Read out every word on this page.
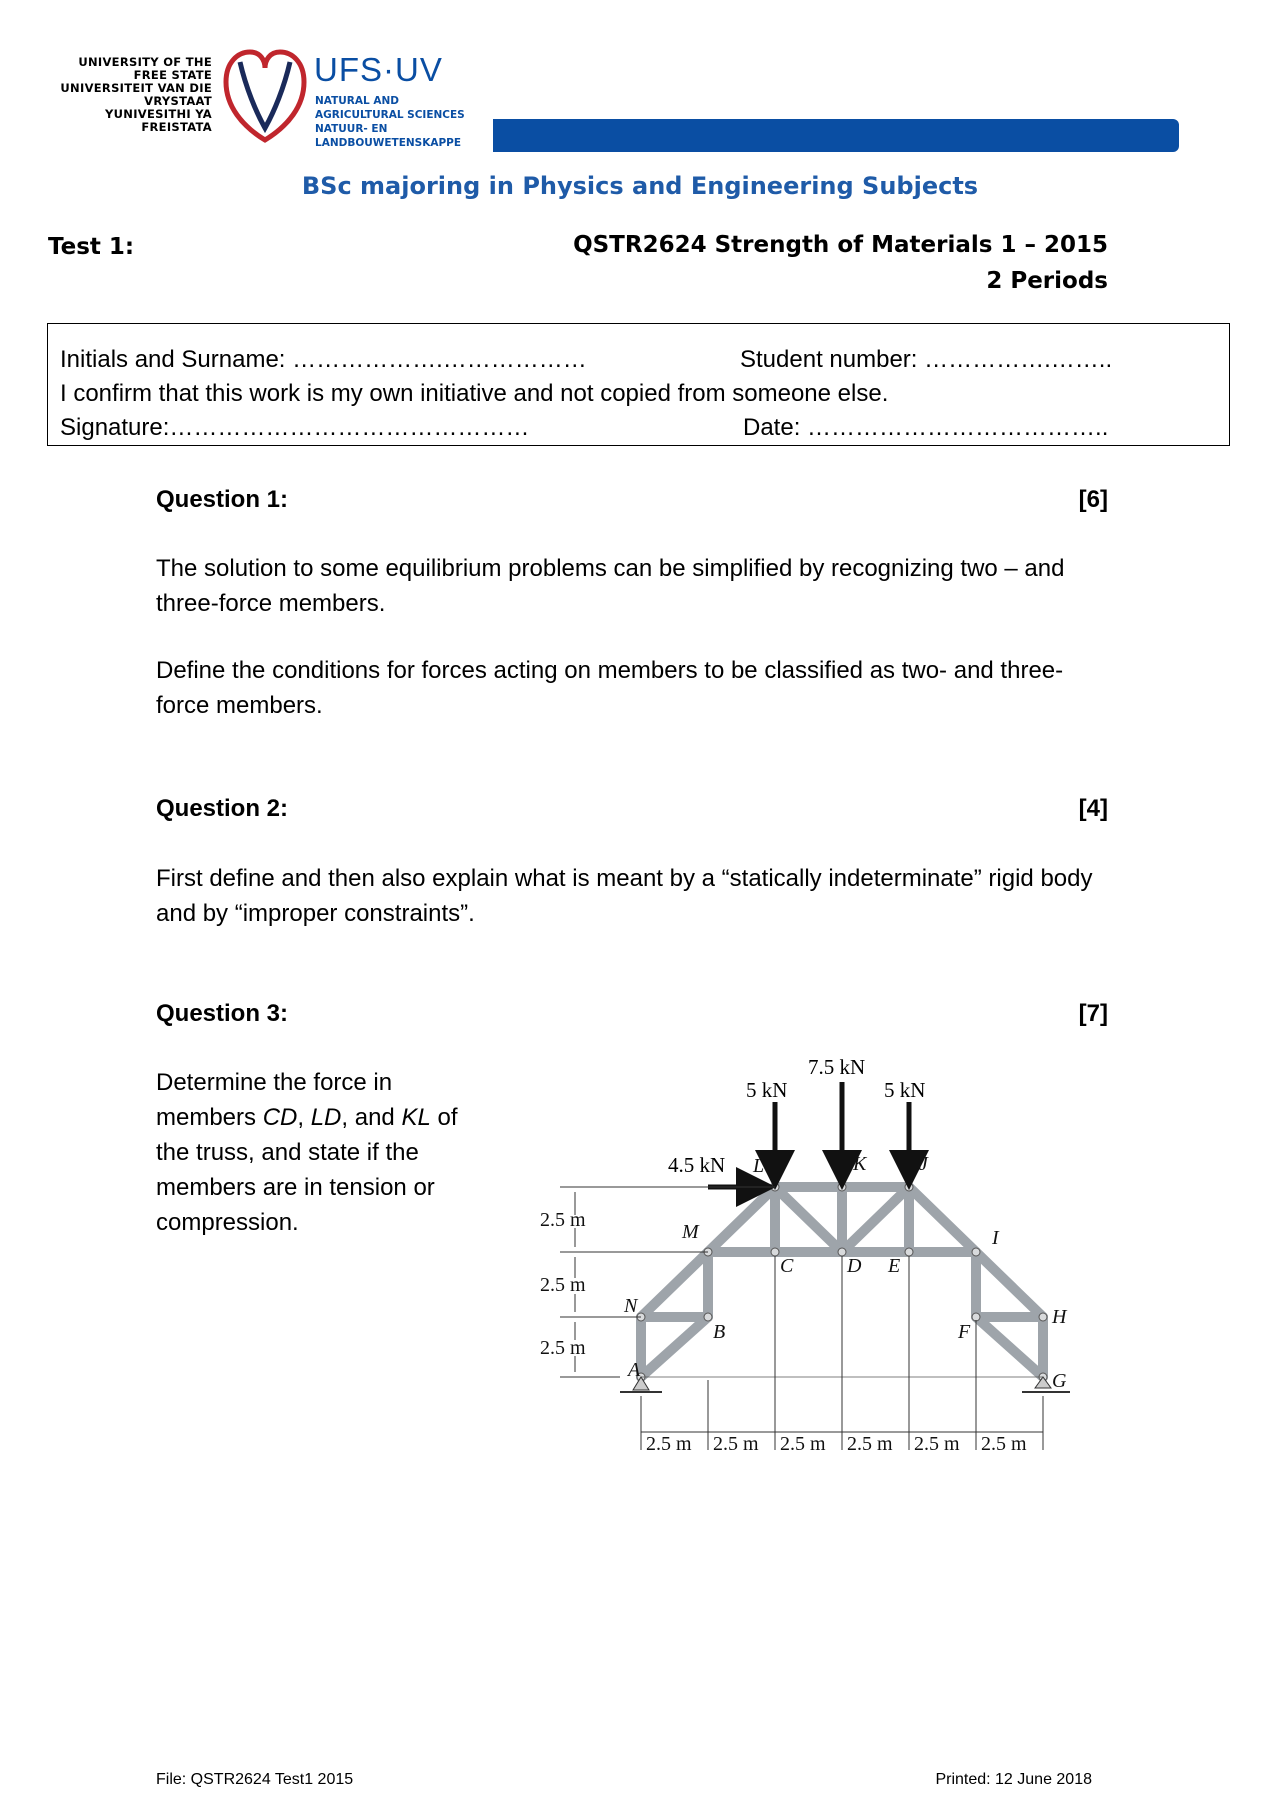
UNIVERSITY OF THE
FREE STATE
UNIVERSITEIT VAN DIE
VRYSTAAT
YUNIVESITHI YA
FREISTATA
UFS·UV
NATURAL AND
AGRICULTURAL SCIENCES
NATUUR- EN
LANDBOUWETENSKAPPE
BSc majoring in Physics and Engineering Subjects
Test 1:	QSTR2624 Strength of Materials 1 – 2015
2 Periods
Initials and Surname: ……………….………………	Student number: …………….……..
I confirm that this work is my own initiative and not copied from someone else.
Signature:………………………………………	Date: ………………………………..
Question 1:	[6]
The solution to some equilibrium problems can be simplified by recognizing two – and three-force members.
Define the conditions for forces acting on members to be classified as two- and three-force members.
Question 2:	[4]
First define and then also explain what is meant by a “statically indeterminate” rigid body and by “improper constraints”.
Question 3:	[7]
Determine the force in members CD, LD, and KL of the truss, and state if the members are in tension or compression.
5 kN
7.5 kN
5 kN
4.5 kN
A
B
C	D E
F
G
H
I
J
K
L
M
N
2.5 m
2.5 m
2.5 m
2.5 m 2.5 m 2.5 m 2.5 m 2.5 m 2.5 m
File: QSTR2624 Test1 2015	Printed: 12 June 2018
